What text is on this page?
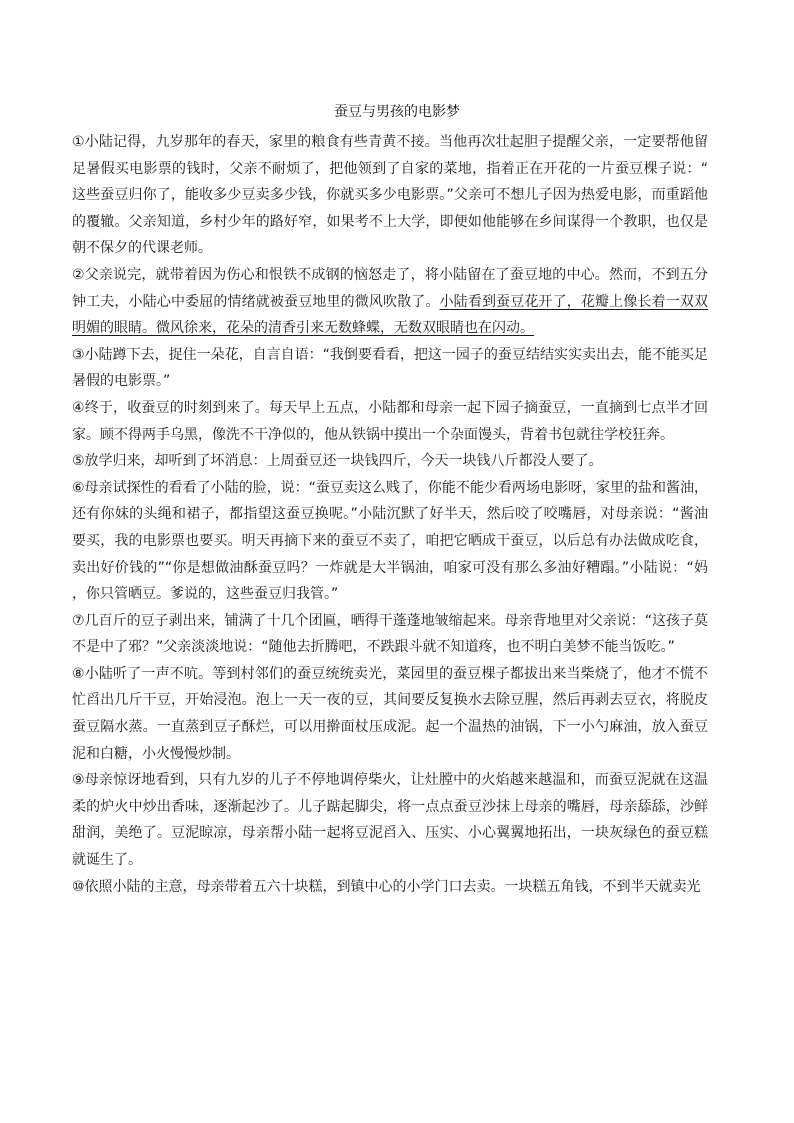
蚕豆与男孩的电影梦

①小陆记得，九岁那年的春天，家里的粮食有些青黄不接。当他再次壮起胆子提醒父亲，一定要帮他留足暑假买电影票的钱时，父亲不耐烦了，把他领到了自家的菜地，指着正在开花的一片蚕豆棵子说：“这些蚕豆归你了，能收多少豆卖多少钱，你就买多少电影票。”父亲可不想儿子因为热爱电影，而重蹈他的覆辙。父亲知道，乡村少年的路好窄，如果考不上大学，即便如他能够在乡间谋得一个教职，也仅是朝不保夕的代课老师。

②父亲说完，就带着因为伤心和恨铁不成钢的恼怒走了，将小陆留在了蚕豆地的中心。然而，不到五分钟工夫，小陆心中委屈的情绪就被蚕豆地里的微风吹散了。小陆看到蚕豆花开了，花瓣上像长着一双双明媚的眼睛。微风徐来，花朵的清香引来无数蜂蝶，无数双眼睛也在闪动。

③小陆蹲下去，捉住一朵花，自言自语：“我倒要看看，把这一园子的蚕豆结结实实卖出去，能不能买足暑假的电影票。”

④终于，收蚕豆的时刻到来了。每天早上五点，小陆都和母亲一起下园子摘蚕豆，一直摘到七点半才回家。顾不得两手乌黑，像洗不干净似的，他从铁锅中摸出一个杂面馒头，背着书包就往学校狂奔。

⑤放学归来，却听到了坏消息：上周蚕豆还一块钱四斤，今天一块钱八斤都没人要了。

⑥母亲试探性的看看了小陆的脸，说：“蚕豆卖这么贱了，你能不能少看两场电影呀，家里的盐和酱油，还有你妹的头绳和裙子，都指望这蚕豆换呢。”小陆沉默了好半天，然后咬了咬嘴唇，对母亲说：“酱油要买，我的电影票也要买。明天再摘下来的蚕豆不卖了，咱把它晒成干蚕豆，以后总有办法做成吃食，卖出好价钱的”“你是想做油酥蚕豆吗？一炸就是大半锅油，咱家可没有那么多油好糟蹋。”小陆说：“妈，你只管晒豆。爹说的，这些蚕豆归我管。”

⑦几百斤的豆子剥出来，铺满了十几个团匾，晒得干蓬蓬地皱缩起来。母亲背地里对父亲说：“这孩子莫不是中了邪？”父亲淡淡地说：“随他去折腾吧，不跌跟斗就不知道疼，也不明白美梦不能当饭吃。”

⑧小陆听了一声不吭。等到村邻们的蚕豆统统卖光，菜园里的蚕豆棵子都拔出来当柴烧了，他才不慌不忙舀出几斤干豆，开始浸泡。泡上一天一夜的豆，其间要反复换水去除豆腥，然后再剥去豆衣，将脱皮蚕豆隔水蒸。一直蒸到豆子酥烂，可以用擀面杖压成泥。起一个温热的油锅，下一小勺麻油，放入蚕豆泥和白糖，小火慢慢炒制。

⑨母亲惊讶地看到，只有九岁的儿子不停地调停柴火，让灶膛中的火焰越来越温和，而蚕豆泥就在这温柔的炉火中炒出香味，逐渐起沙了。儿子踮起脚尖，将一点点蚕豆沙抹上母亲的嘴唇，母亲舔舔，沙鲜甜润，美绝了。豆泥晾凉，母亲帮小陆一起将豆泥舀入、压实、小心翼翼地拓出，一块灰绿色的蚕豆糕就诞生了。

⑩依照小陆的主意，母亲带着五六十块糕，到镇中心的小学门口去卖。一块糕五角钱，不到半天就卖光
